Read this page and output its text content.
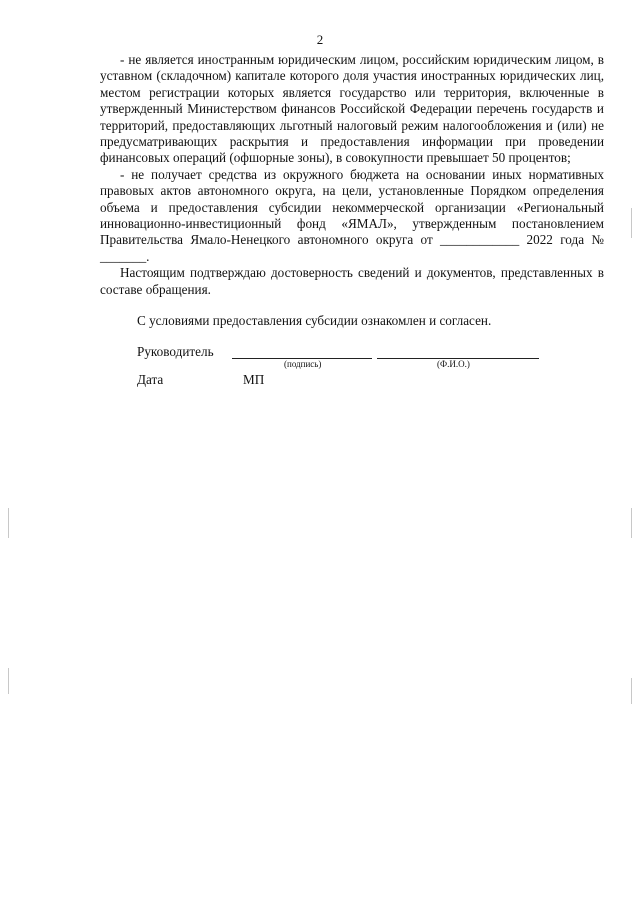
2

- не является иностранным юридическим лицом, российским юридическим лицом, в уставном (складочном) капитале которого доля участия иностранных юридических лиц, местом регистрации которых является государство или территория, включенные в утвержденный Министерством финансов Российской Федерации перечень государств и территорий, предоставляющих льготный налоговый режим налогообложения и (или) не предусматривающих раскрытия и предоставления информации при проведении финансовых операций (офшорные зоны), в совокупности превышает 50 процентов;

- не получает средства из окружного бюджета на основании иных нормативных правовых актов автономного округа, на цели, установленные Порядком определения объема и предоставления субсидии некоммерческой организации «Региональный инновационно-инвестиционный фонд «ЯМАЛ», утвержденным постановлением Правительства Ямало-Ненецкого автономного округа от ____________ 2022 года № _______.

Настоящим подтверждаю достоверность сведений и документов, представленных в составе обращения.

С условиями предоставления субсидии ознакомлен и согласен.
Руководитель
(подпись)	(Ф.И.О.)
Дата	МП
